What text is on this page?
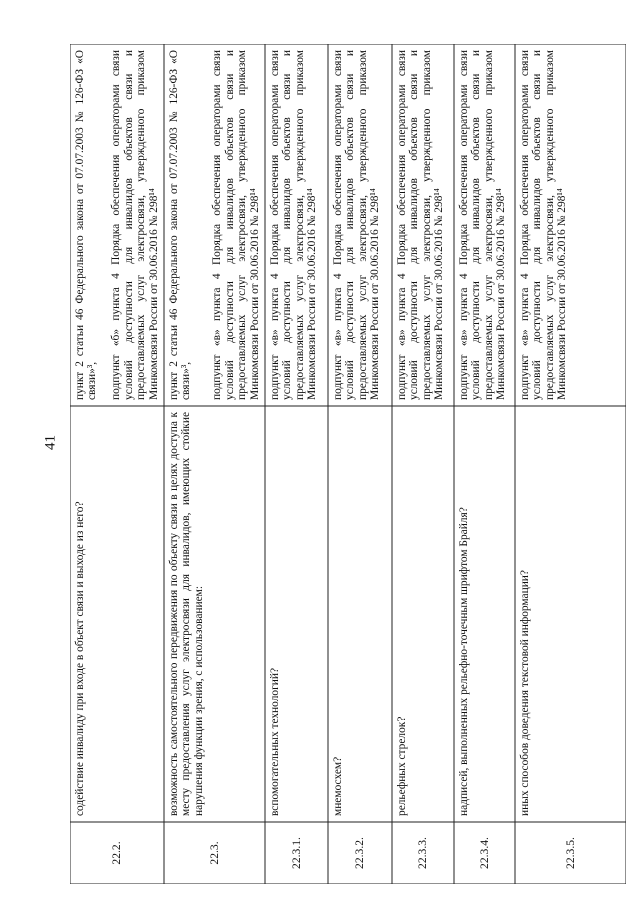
41
22.2.

содействие инвалиду при входе в объект связи и выходе из него?

пункт 2 статьи 46 Федерального закона от 07.07.2003 № 126-ФЗ «О связи»³, подпункт «б» пункта 4 Порядка обеспечения операторами связи условий доступности для инвалидов объектов связи и предоставляемых услуг электросвязи, утвержденного приказом Минкомсвязи России от 30.06.2016 № 298¹⁴

22.3.

возможность самостоятельного передвижения по объекту связи в целях доступа к месту предоставления услуг электросвязи для инвалидов, имеющих стойкие нарушения функции зрения, с использованием:

пункт 2 статьи 46 Федерального закона от 07.07.2003 № 126-ФЗ «О связи»³, подпункт «в» пункта 4 Порядка обеспечения операторами связи условий доступности для инвалидов объектов связи и предоставляемых услуг электросвязи, утвержденного приказом Минкомсвязи России от 30.06.2016 № 298¹⁴

22.3.1.

вспомогательных технологий?

подпункт «в» пункта 4 Порядка обеспечения операторами связи условий доступности для инвалидов объектов связи и предоставляемых услуг электросвязи, утвержденного приказом Минкомсвязи России от 30.06.2016 № 298¹⁴

22.3.2.

мнемосхем?

подпункт «в» пункта 4 Порядка обеспечения операторами связи условий доступности для инвалидов объектов связи и предоставляемых услуг электросвязи, утвержденного приказом Минкомсвязи России от 30.06.2016 № 298¹⁴

22.3.3.

рельефных стрелок?

подпункт «в» пункта 4 Порядка обеспечения операторами связи условий доступности для инвалидов объектов связи и предоставляемых услуг электросвязи, утвержденного приказом Минкомсвязи России от 30.06.2016 № 298¹⁴

22.3.4.

надписей, выполненных рельефно-точечным шрифтом Брайля?

подпункт «в» пункта 4 Порядка обеспечения операторами связи условий доступности для инвалидов объектов связи и предоставляемых услуг электросвязи, утвержденного приказом Минкомсвязи России от 30.06.2016 № 298¹⁴

22.3.5.

иных способов доведения текстовой информации?

подпункт «в» пункта 4 Порядка обеспечения операторами связи условий доступности для инвалидов объектов связи и предоставляемых услуг электросвязи, утвержденного приказом Минкомсвязи России от 30.06.2016 № 298¹⁴
